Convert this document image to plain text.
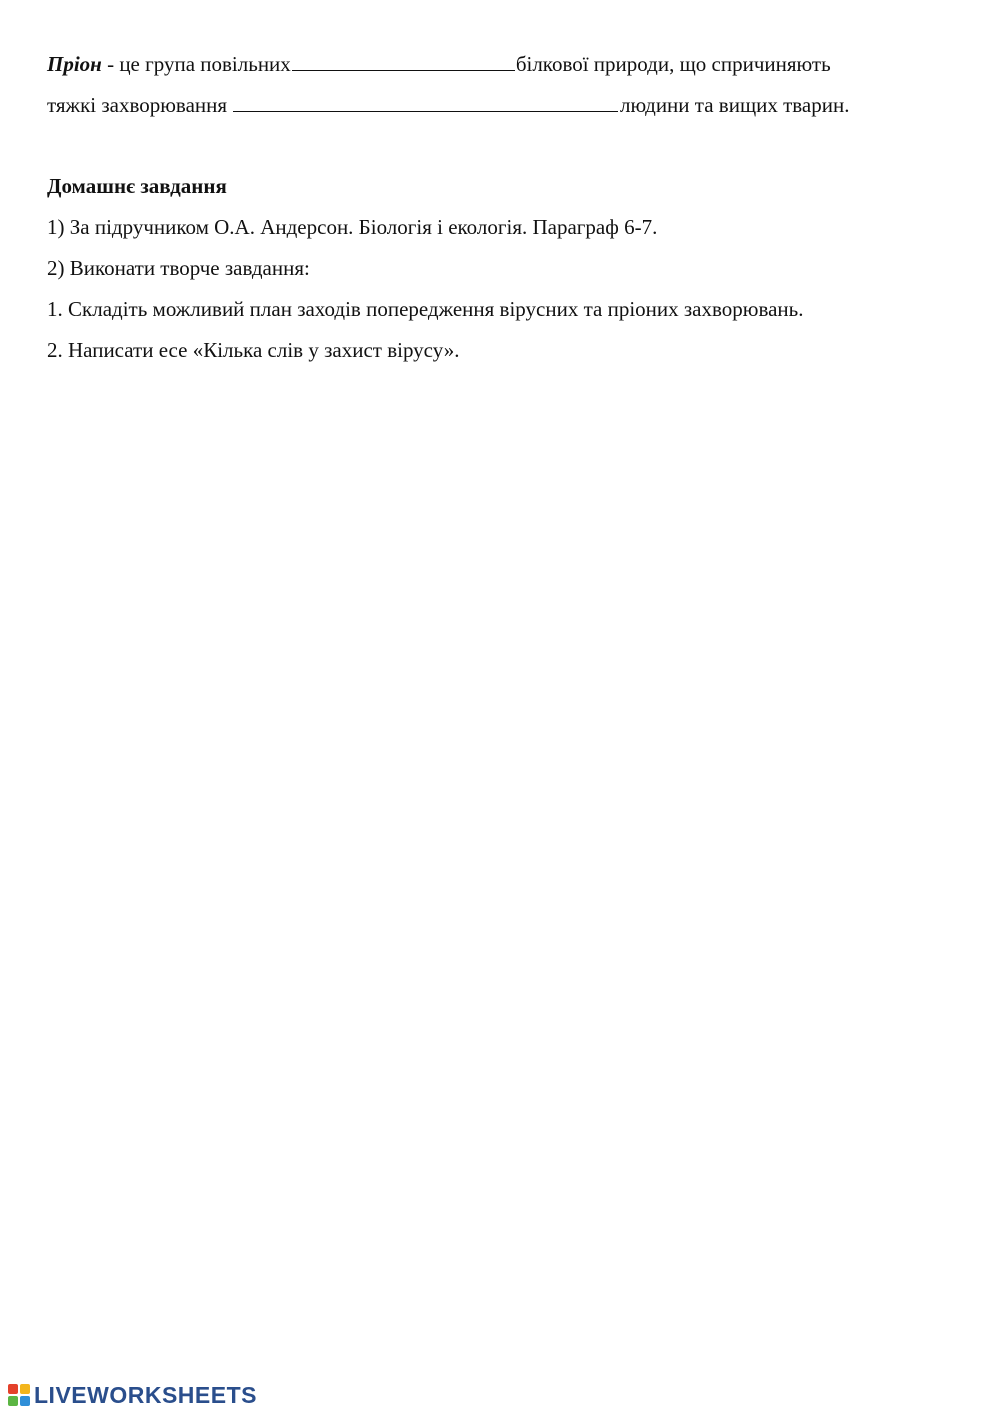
Пріон - це група повільних	білкової природи, що спричиняють

тяжкі захворювання	людини та вищих тварин.

Домашнє завдання

1) За підручником О.А. Андерсон. Біологія і екологія. Параграф 6-7.

2) Виконати творче завдання:

1. Складіть можливий план заходів попередження вірусних та пріоних захворювань.

2. Написати есе «Кілька слів у захист вірусу».

LIVEWORKSHEETS
